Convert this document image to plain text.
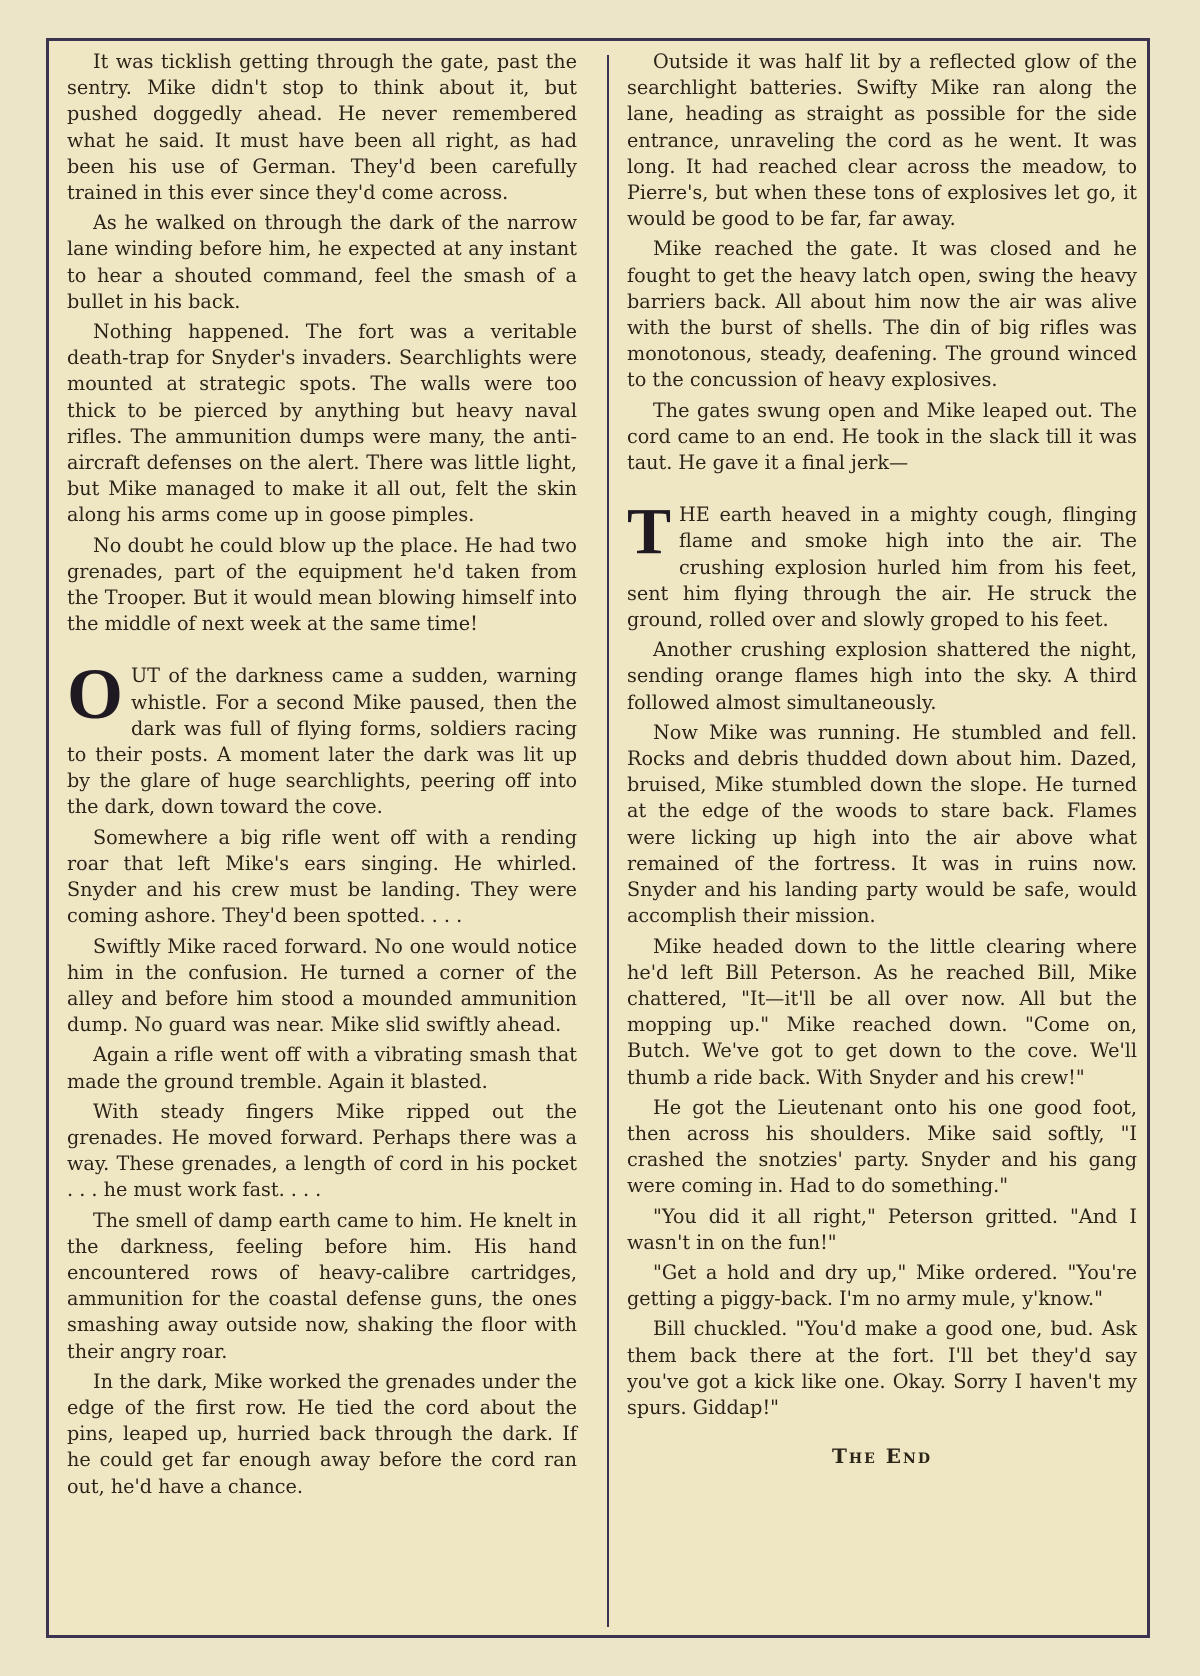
It was ticklish getting through the gate, past the sentry. Mike didn't stop to think about it, but pushed doggedly ahead. He never remembered what he said. It must have been all right, as had been his use of German. They'd been carefully trained in this ever since they'd come across.

As he walked on through the dark of the narrow lane winding before him, he expected at any instant to hear a shouted command, feel the smash of a bullet in his back.

Nothing happened. The fort was a veritable death-trap for Snyder's invaders. Searchlights were mounted at strategic spots. The walls were too thick to be pierced by anything but heavy naval rifles. The ammunition dumps were many, the anti-aircraft defenses on the alert. There was little light, but Mike managed to make it all out, felt the skin along his arms come up in goose pimples.

No doubt he could blow up the place. He had two grenades, part of the equipment he'd taken from the Trooper. But it would mean blowing himself into the middle of next week at the same time!

OUT of the darkness came a sudden, warning whistle. For a second Mike paused, then the dark was full of flying forms, soldiers racing to their posts. A moment later the dark was lit up by the glare of huge searchlights, peering off into the dark, down toward the cove.

Somewhere a big rifle went off with a rending roar that left Mike's ears singing. He whirled. Snyder and his crew must be landing. They were coming ashore. They'd been spotted. . . .

Swiftly Mike raced forward. No one would notice him in the confusion. He turned a corner of the alley and before him stood a mounded ammunition dump. No guard was near. Mike slid swiftly ahead.

Again a rifle went off with a vibrating smash that made the ground tremble. Again it blasted.

With steady fingers Mike ripped out the grenades. He moved forward. Perhaps there was a way. These grenades, a length of cord in his pocket . . . he must work fast. . . .

The smell of damp earth came to him. He knelt in the darkness, feeling before him. His hand encountered rows of heavy-calibre cartridges, ammunition for the coastal defense guns, the ones smashing away outside now, shaking the floor with their angry roar.

In the dark, Mike worked the grenades under the edge of the first row. He tied the cord about the pins, leaped up, hurried back through the dark. If he could get far enough away before the cord ran out, he'd have a chance.

Outside it was half lit by a reflected glow of the searchlight batteries. Swifty Mike ran along the lane, heading as straight as possible for the side entrance, unraveling the cord as he went. It was long. It had reached clear across the meadow, to Pierre's, but when these tons of explosives let go, it would be good to be far, far away.

Mike reached the gate. It was closed and he fought to get the heavy latch open, swing the heavy barriers back. All about him now the air was alive with the burst of shells. The din of big rifles was monotonous, steady, deafening. The ground winced to the concussion of heavy explosives.

The gates swung open and Mike leaped out. The cord came to an end. He took in the slack till it was taut. He gave it a final jerk—

THE earth heaved in a mighty cough, flinging flame and smoke high into the air. The crushing explosion hurled him from his feet, sent him flying through the air. He struck the ground, rolled over and slowly groped to his feet.

Another crushing explosion shattered the night, sending orange flames high into the sky. A third followed almost simultaneously.

Now Mike was running. He stumbled and fell. Rocks and debris thudded down about him. Dazed, bruised, Mike stumbled down the slope. He turned at the edge of the woods to stare back. Flames were licking up high into the air above what remained of the fortress. It was in ruins now. Snyder and his landing party would be safe, would accomplish their mission.

Mike headed down to the little clearing where he'd left Bill Peterson. As he reached Bill, Mike chattered, "It—it'll be all over now. All but the mopping up." Mike reached down. "Come on, Butch. We've got to get down to the cove. We'll thumb a ride back. With Snyder and his crew!"

He got the Lieutenant onto his one good foot, then across his shoulders. Mike said softly, "I crashed the snotzies' party. Snyder and his gang were coming in. Had to do something."

"You did it all right," Peterson gritted. "And I wasn't in on the fun!"

"Get a hold and dry up," Mike ordered. "You're getting a piggy-back. I'm no army mule, y'know."

Bill chuckled. "You'd make a good one, bud. Ask them back there at the fort. I'll bet they'd say you've got a kick like one. Okay. Sorry I haven't my spurs. Giddap!"

The End
